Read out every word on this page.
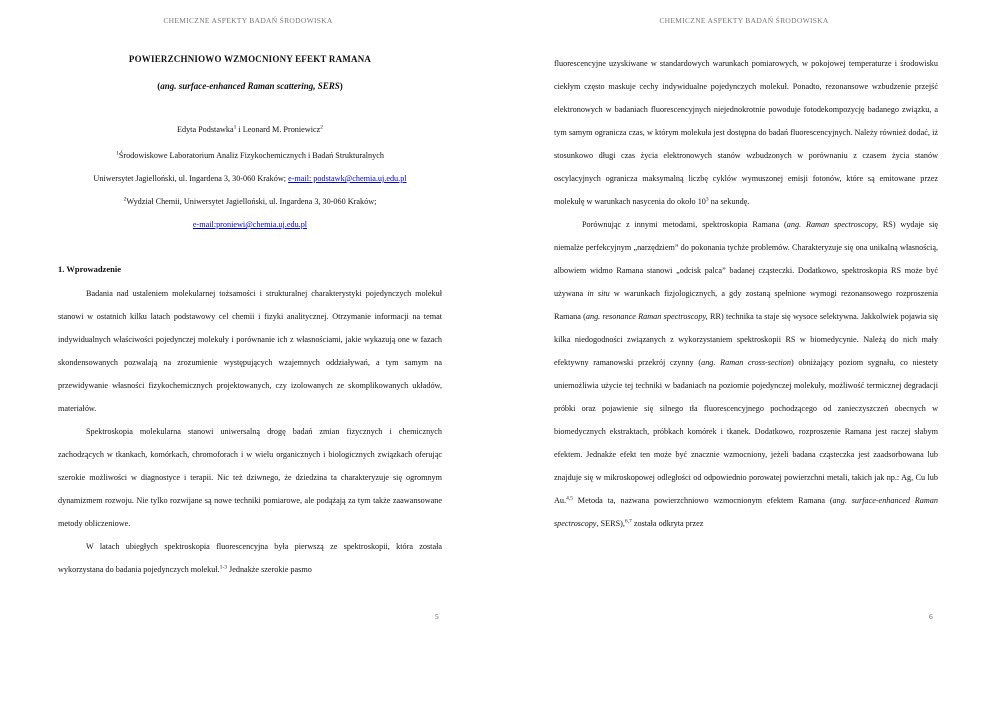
CHEMICZNE ASPEKTY BADAŃ ŚRODOWISKA
POWIERZCHNIOWO WZMOCNIONY EFEKT RAMANA
(ang. surface-enhanced Raman scattering, SERS)
Edyta Podstawka$^1$ i Leonard M. Proniewicz$^2$
$^1$Środowiskowe Laboratorium Analiz Fizykochemicznych i Badań Strukturalnych
Uniwersytet Jagielloński, ul. Ingardena 3, 30-060 Kraków; e-mail: podstawk@chemia.uj.edu.pl
$^2$Wydział Chemii, Uniwersytet Jagielloński, ul. Ingardena 3, 30-060 Kraków;
e-mail:proniewi@chemia.uj.edu.pl
1. Wprowadzenie

Badania nad ustaleniem molekularnej tożsamości i strukturalnej charakterystyki pojedynczych molekuł stanowi w ostatnich kilku latach podstawowy cel chemii i fizyki analitycznej. Otrzymanie informacji na temat indywidualnych właściwości pojedynczej molekuły i porównanie ich z własnościami, jakie wykazują one w fazach skondensowanych pozwalają na zrozumienie występujących wzajemnych oddziaływań, a tym samym na przewidywanie własności fizykochemicznych projektowanych, czy izolowanych ze skomplikowanych układów, materiałów.

Spektroskopia molekularna stanowi uniwersalną drogę badań zmian fizycznych i chemicznych zachodzących w tkankach, komórkach, chromoforach i w wielu organicznych i biologicznych związkach oferując szerokie możliwości w diagnostyce i terapii. Nic też dziwnego, że dziedzina ta charakteryzuje się ogromnym dynamizmem rozwoju. Nie tylko rozwijane są nowe techniki pomiarowe, ale podążają za tym także zaawansowane metody obliczeniowe.

W latach ubiegłych spektroskopia fluorescencyjna była pierwszą ze spektroskopii, która została wykorzystana do badania pojedynczych molekuł.$^{1-3}$ Jednakże szerokie pasmo

5
CHEMICZNE ASPEKTY BADAŃ ŚRODOWISKA

fluorescencyjne uzyskiwane w standardowych warunkach pomiarowych, w pokojowej temperaturze i środowisku ciekłym często maskuje cechy indywidualne pojedynczych molekuł. Ponadto, rezonansowe wzbudzenie przejść elektronowych w badaniach fluorescencyjnych niejednokrotnie powoduje fotodekompozycję badanego związku, a tym samym ogranicza czas, w którym molekuła jest dostępna do badań fluorescencyjnych. Należy również dodać, iż stosunkowo długi czas życia elektronowych stanów wzbudzonych w porównaniu z czasem życia stanów oscylacyjnych ogranicza maksymalną liczbę cyklów wymuszonej emisji fotonów, które są emitowane przez molekułę w warunkach nasycenia do około $10^3$ na sekundę.

Porównując z innymi metodami, spektroskopia Ramana (ang. Raman spectroscopy, RS) wydaje się niemalże perfekcyjnym „narzędziem” do pokonania tychże problemów. Charakteryzuje się ona unikalną własnością, albowiem widmo Ramana stanowi „odcisk palca” badanej cząsteczki. Dodatkowo, spektroskopia RS może być używana in situ w warunkach fizjologicznych, a gdy zostaną spełnione wymogi rezonansowego rozproszenia Ramana (ang. resonance Raman spectroscopy, RR) technika ta staje się wysoce selektywna. Jakkolwiek pojawia się kilka niedogodności związanych z wykorzystaniem spektroskopii RS w biomedycynie. Należą do nich mały efektywny ramanowski przekrój czynny (ang. Raman cross-section) obniżający poziom sygnału, co niestety uniemożliwia użycie tej techniki w badaniach na poziomie pojedynczej molekuły, możliwość termicznej degradacji próbki oraz pojawienie się silnego tła fluorescencyjnego pochodzącego od zanieczyszczeń obecnych w biomedycznych ekstraktach, próbkach komórek i tkanek. Dodatkowo, rozproszenie Ramana jest raczej słabym efektem. Jednakże efekt ten może być znacznie wzmocniony, jeżeli badana cząsteczka jest zaadsorbowana lub znajduje się w mikroskopowej odległości od odpowiednio porowatej powierzchni metali, takich jak np.: Ag, Cu lub Au.$^{4,5}$ Metoda ta, nazwana powierzchniowo wzmocnionym efektem Ramana (ang. surface-enhanced Raman spectroscopy, SERS),$^{6,7}$ została odkryta przez

6
